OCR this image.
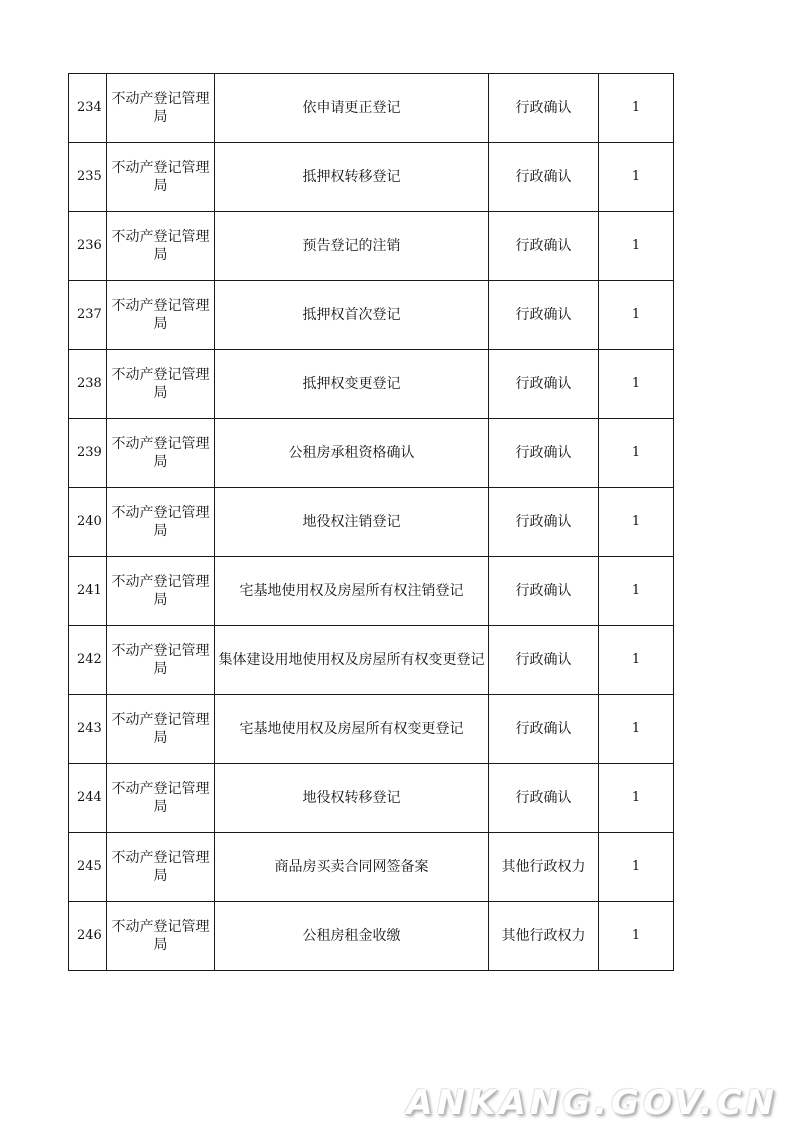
234	不动产登记管理局	依申请更正登记	行政确认	1
235	不动产登记管理局	抵押权转移登记	行政确认	1
236	不动产登记管理局	预告登记的注销	行政确认	1
237	不动产登记管理局	抵押权首次登记	行政确认	1
238	不动产登记管理局	抵押权变更登记	行政确认	1
239	不动产登记管理局	公租房承租资格确认	行政确认	1
240	不动产登记管理局	地役权注销登记	行政确认	1
241	不动产登记管理局	宅基地使用权及房屋所有权注销登记	行政确认	1
242	不动产登记管理局	集体建设用地使用权及房屋所有权变更登记	行政确认	1
243	不动产登记管理局	宅基地使用权及房屋所有权变更登记	行政确认	1
244	不动产登记管理局	地役权转移登记	行政确认	1
245	不动产登记管理局	商品房买卖合同网签备案	其他行政权力	1
246	不动产登记管理局	公租房租金收缴	其他行政权力	1
ANKANG.GOV.CN
